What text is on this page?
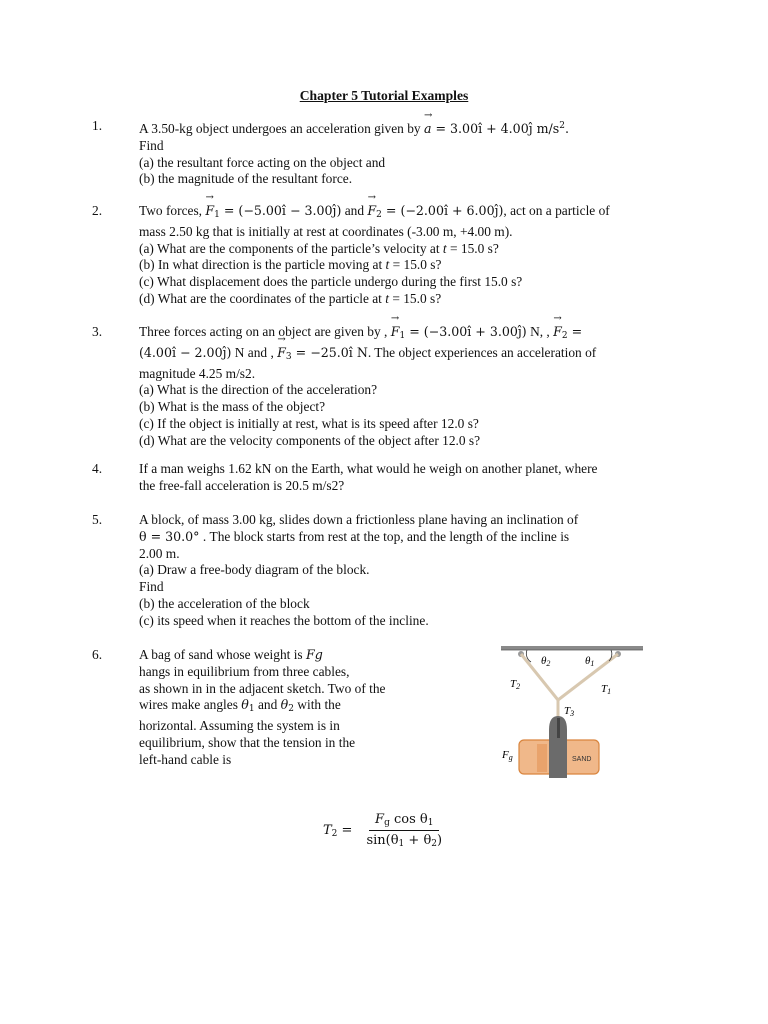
Chapter 5 Tutorial Examples
1.	A 3.50-kg object undergoes an acceleration given by → a = 3.00î + 4.00ĵ $m/s^2$.
Find
(a) the resultant force acting on the object and
(b) the magnitude of the resultant force.
2.	Two forces, → $F_1$ = (−5.00î − 3.00ĵ) and → $F_2$ = (−2.00î + 6.00ĵ), act on a particle of
mass 2.50 kg that is initially at rest at coordinates (-3.00 m, +4.00 m).
(a) What are the components of the particle’s velocity at t = 15.0 s?
(b) In what direction is the particle moving at t = 15.0 s?
(c) What displacement does the particle undergo during the first 15.0 s?
(d) What are the coordinates of the particle at t = 15.0 s?
3.	Three forces acting on an object are given by , → $F_1$ = (−3.00î + 3.00ĵ) N, , → $F_2$ =
(4.00î − 2.00ĵ) N and , → $F_3$ = −25.0î N. The object experiences an acceleration of
magnitude 4.25 m/s2.
(a) What is the direction of the acceleration?
(b) What is the mass of the object?
(c) If the object is initially at rest, what is its speed after 12.0 s?
(d) What are the velocity components of the object after 12.0 s?
4.	If a man weighs 1.62 kN on the Earth, what would he weigh on another planet, where
the free-fall acceleration is 20.5 m/s2?
5.	A block, of mass 3.00 kg, slides down a frictionless plane having an inclination of
θ = 30.0° . The block starts from rest at the top, and the length of the incline is
2.00 m.
(a) Draw a free-body diagram of the block.
Find
(b) the acceleration of the block
(c) its speed when it reaches the bottom of the incline.
6.	A bag of sand whose weight is Fg
hangs in equilibrium from three cables,
as shown in in the adjacent sketch. Two of the
wires make angles $\theta_1$ and $\theta_2$ with the
horizontal. Assuming the system is in
equilibrium, show that the tension in the
left-hand cable is	SAND
θ2	θ1
T2	T1
T3
Fg
$T_2 = \frac{F_g \cos \theta_1}{\sin(\theta_1 + \theta_2)}$
